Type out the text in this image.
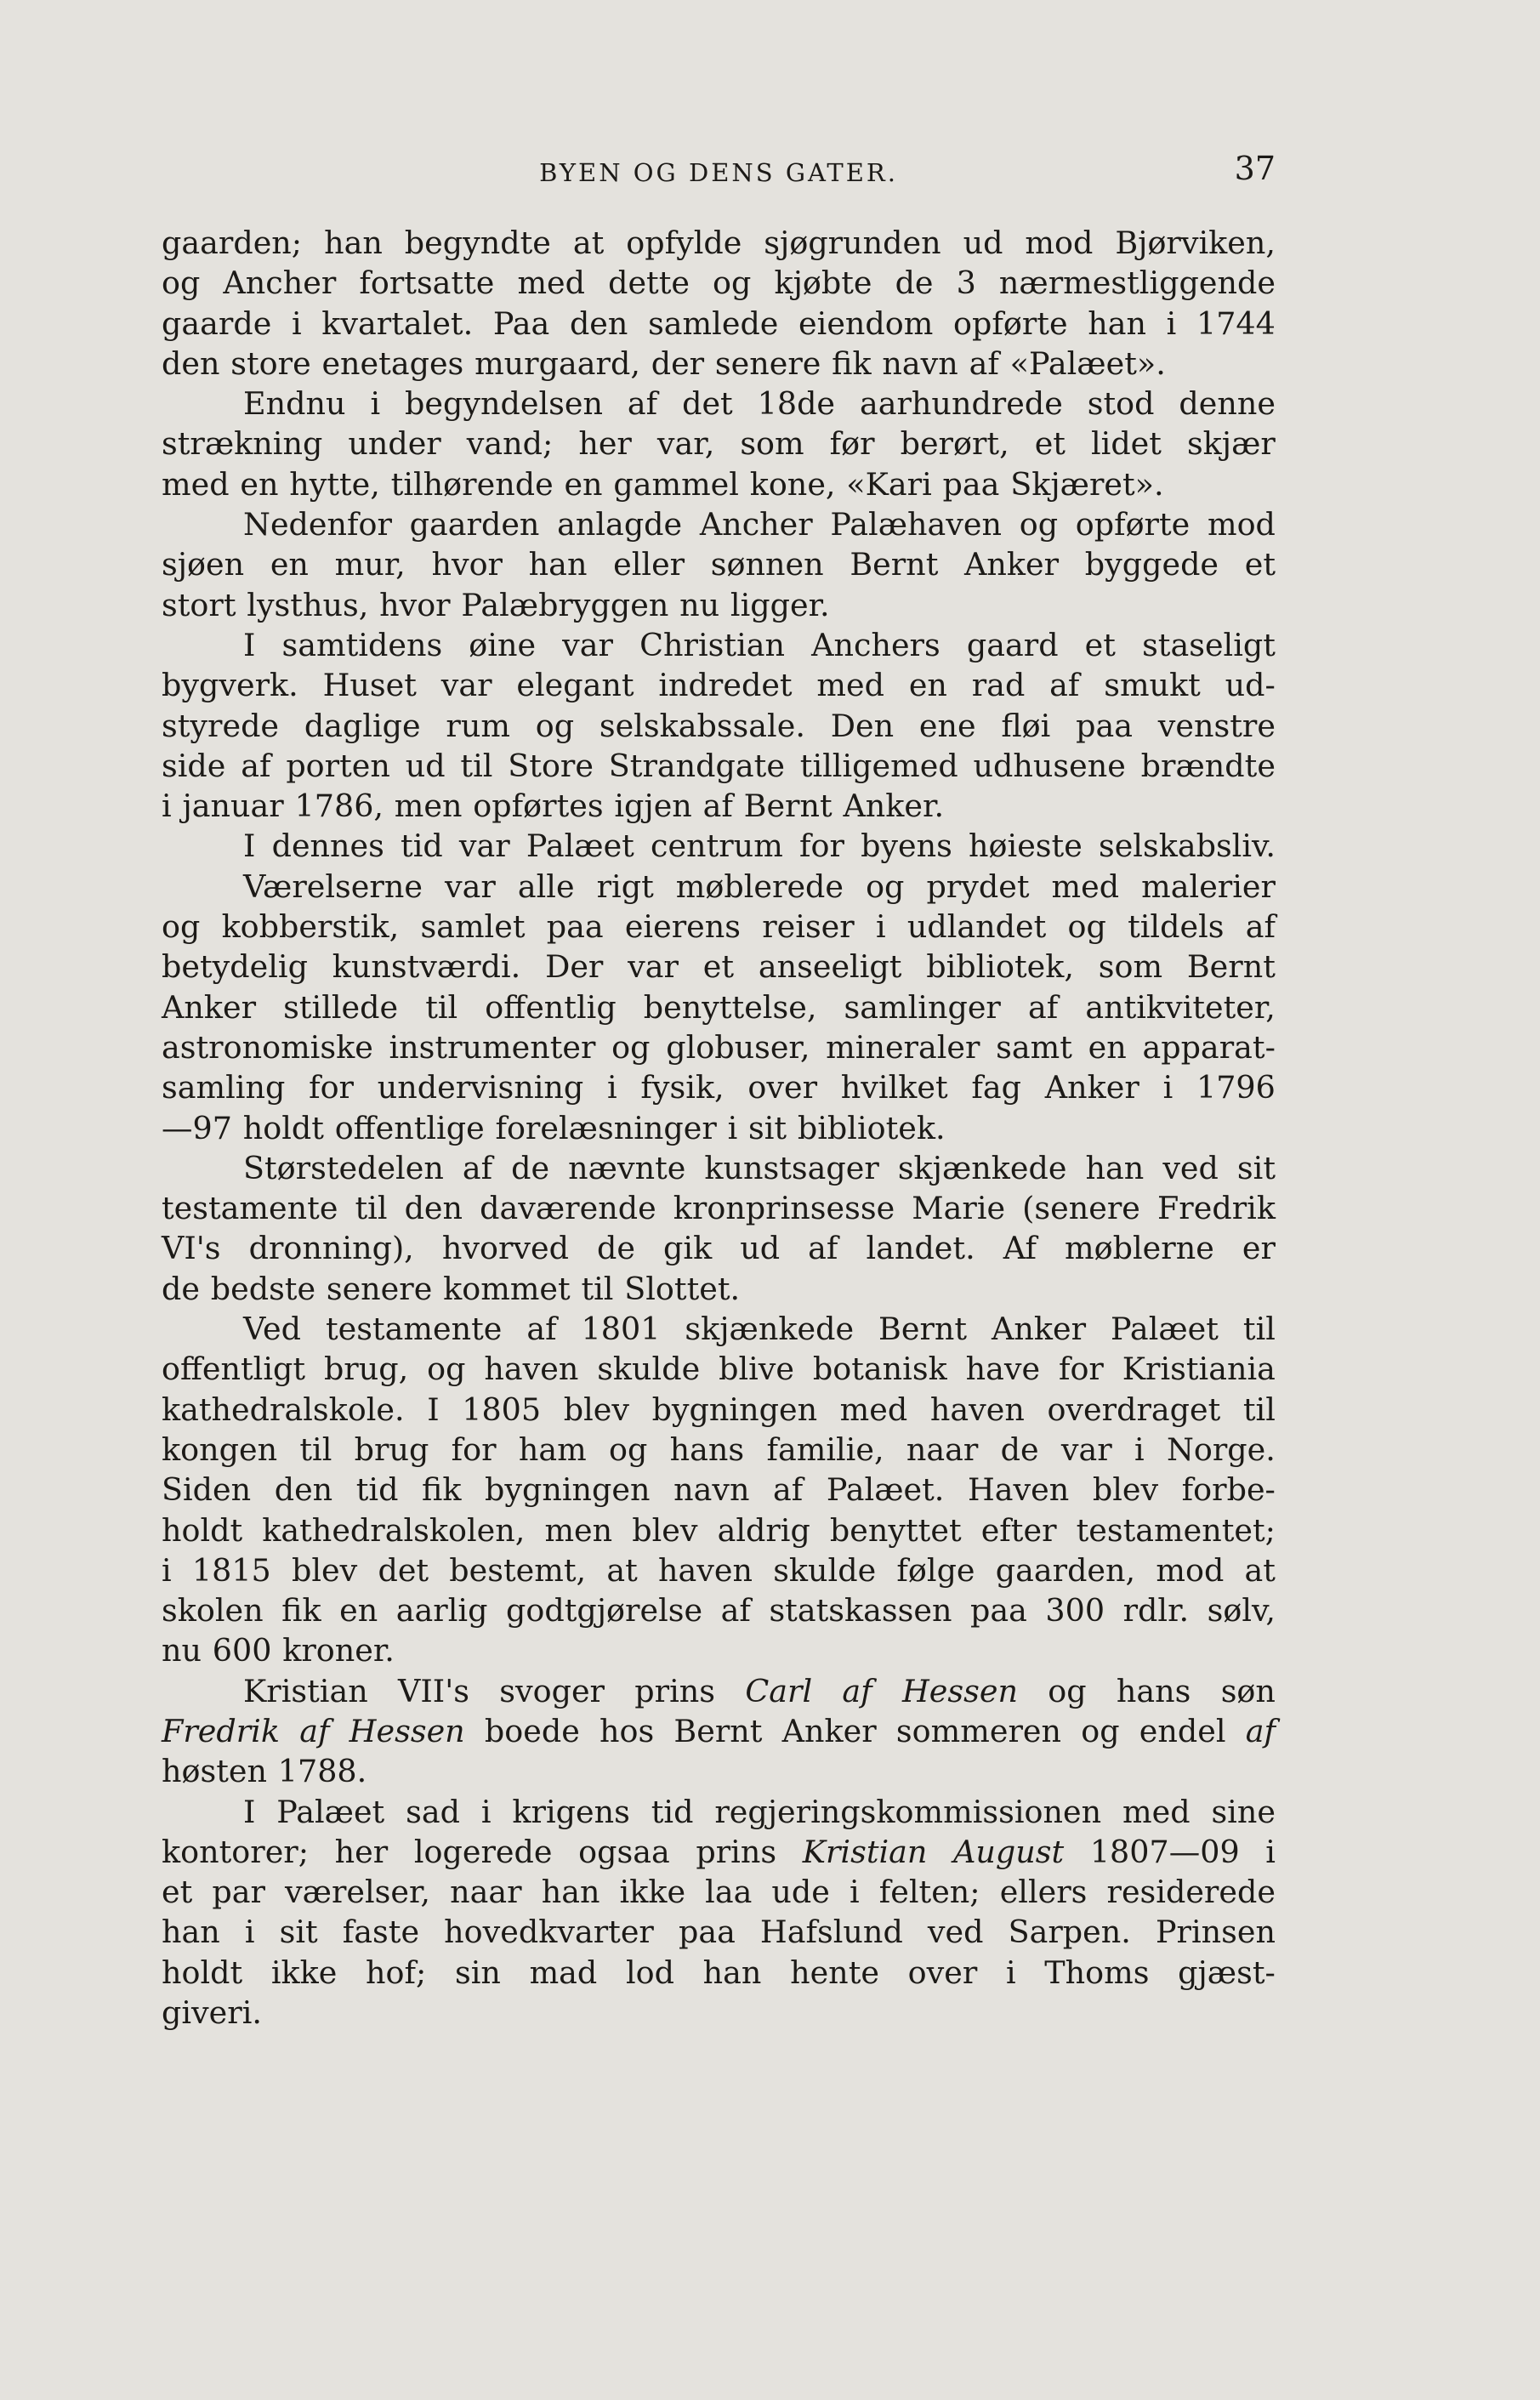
BYEN OG DENS GATER.	37
gaarden; han begyndte at opfylde sjøgrunden ud mod Bjørviken,
og Ancher fortsatte med dette og kjøbte de 3 nærmestliggende
gaarde i kvartalet. Paa den samlede eiendom opførte han i 1744
den store enetages murgaard, der senere fik navn af «Palæet».
Endnu i begyndelsen af det 18de aarhundrede stod denne
strækning under vand; her var, som før berørt, et lidet skjær
med en hytte, tilhørende en gammel kone, «Kari paa Skjæret».
Nedenfor gaarden anlagde Ancher Palæhaven og opførte mod
sjøen en mur, hvor han eller sønnen Bernt Anker byggede et
stort lysthus, hvor Palæbryggen nu ligger.
I samtidens øine var Christian Anchers gaard et staseligt
bygverk. Huset var elegant indredet med en rad af smukt ud-
styrede daglige rum og selskabssale. Den ene fløi paa venstre
side af porten ud til Store Strandgate tilligemed udhusene brændte
i januar 1786, men opførtes igjen af Bernt Anker.
I dennes tid var Palæet centrum for byens høieste selskabsliv.
Værelserne var alle rigt møblerede og prydet med malerier
og kobberstik, samlet paa eierens reiser i udlandet og tildels af
betydelig kunstværdi. Der var et anseeligt bibliotek, som Bernt
Anker stillede til offentlig benyttelse, samlinger af antikviteter,
astronomiske instrumenter og globuser, mineraler samt en apparat-
samling for undervisning i fysik, over hvilket fag Anker i 1796
—97 holdt offentlige forelæsninger i sit bibliotek.
Størstedelen af de nævnte kunstsager skjænkede han ved sit
testamente til den daværende kronprinsesse Marie (senere Fredrik
VI's dronning), hvorved de gik ud af landet. Af møblerne er
de bedste senere kommet til Slottet.
Ved testamente af 1801 skjænkede Bernt Anker Palæet til
offentligt brug, og haven skulde blive botanisk have for Kristiania
kathedralskole. I 1805 blev bygningen med haven overdraget til
kongen til brug for ham og hans familie, naar de var i Norge.
Siden den tid fik bygningen navn af Palæet. Haven blev forbe-
holdt kathedralskolen, men blev aldrig benyttet efter testamentet;
i 1815 blev det bestemt, at haven skulde følge gaarden, mod at
skolen fik en aarlig godtgjørelse af statskassen paa 300 rdlr. sølv,
nu 600 kroner.
Kristian VII's svoger prins Carl af Hessen og hans søn
Fredrik af Hessen boede hos Bernt Anker sommeren og endel af
høsten 1788.
I Palæet sad i krigens tid regjeringskommissionen med sine
kontorer; her logerede ogsaa prins Kristian August 1807—09 i
et par værelser, naar han ikke laa ude i felten; ellers residerede
han i sit faste hovedkvarter paa Hafslund ved Sarpen. Prinsen
holdt ikke hof; sin mad lod han hente over i Thoms gjæst-
giveri.
